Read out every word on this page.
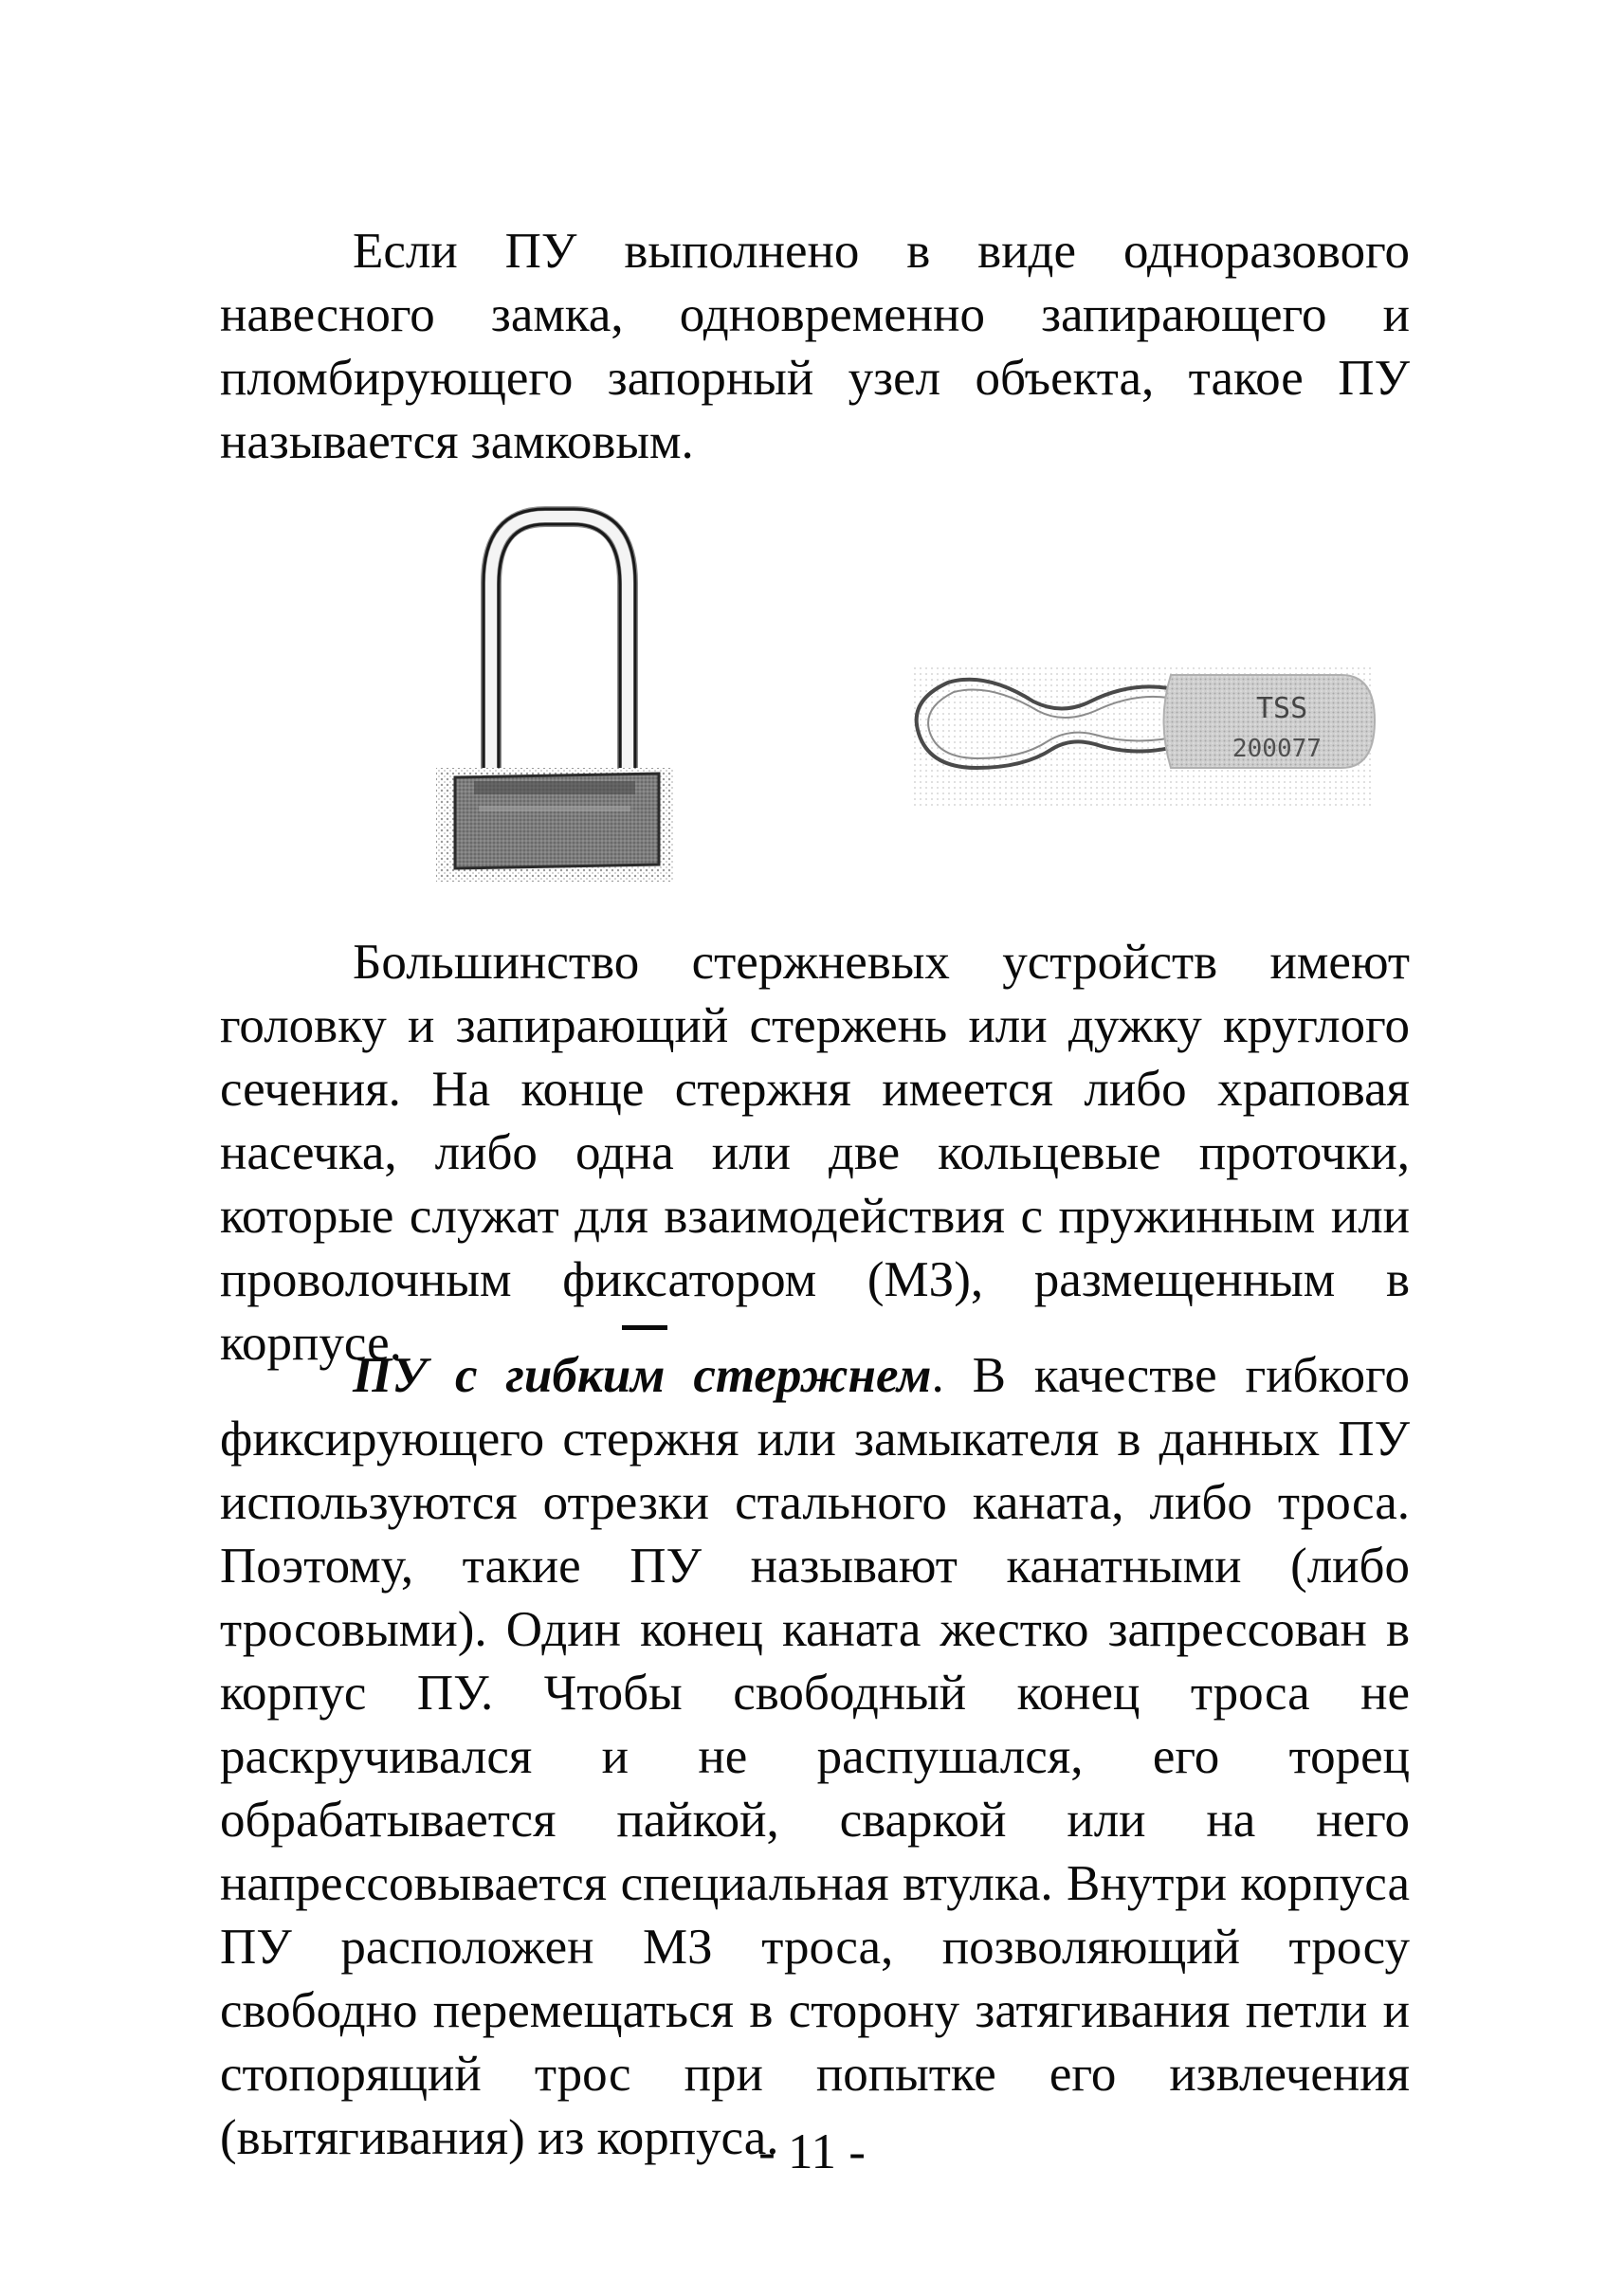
Если ПУ выполнено в виде одноразового навесного замка, одновременно запирающего и пломбирующего запорный узел объекта, такое ПУ называется замковым.

TSS
200077

Большинство стержневых устройств имеют головку и запирающий стержень или дужку круглого сечения. На конце стержня имеется либо храповая насечка, либо одна или две кольцевые проточки, которые служат для взаимодействия с пружинным или проволочным фиксатором (МЗ), размещенным в корпусе.

ПУ с гибким стержнем. В качестве гибкого фиксирующего стержня или замыкателя в данных ПУ используются отрезки стального каната, либо троса. Поэтому, такие ПУ называют канатными (либо тросовыми). Один конец каната жестко запрессован в корпус ПУ. Чтобы свободный конец троса не раскручивался и не распушался, его торец обрабатывается пайкой, сваркой или на него напрессовывается специальная втулка. Внутри корпуса ПУ расположен МЗ троса, позволяющий тросу свободно перемещаться в сторону затягивания петли и стопорящий трос при попытке его извлечения (вытягивания) из корпуса.

- 11 -
